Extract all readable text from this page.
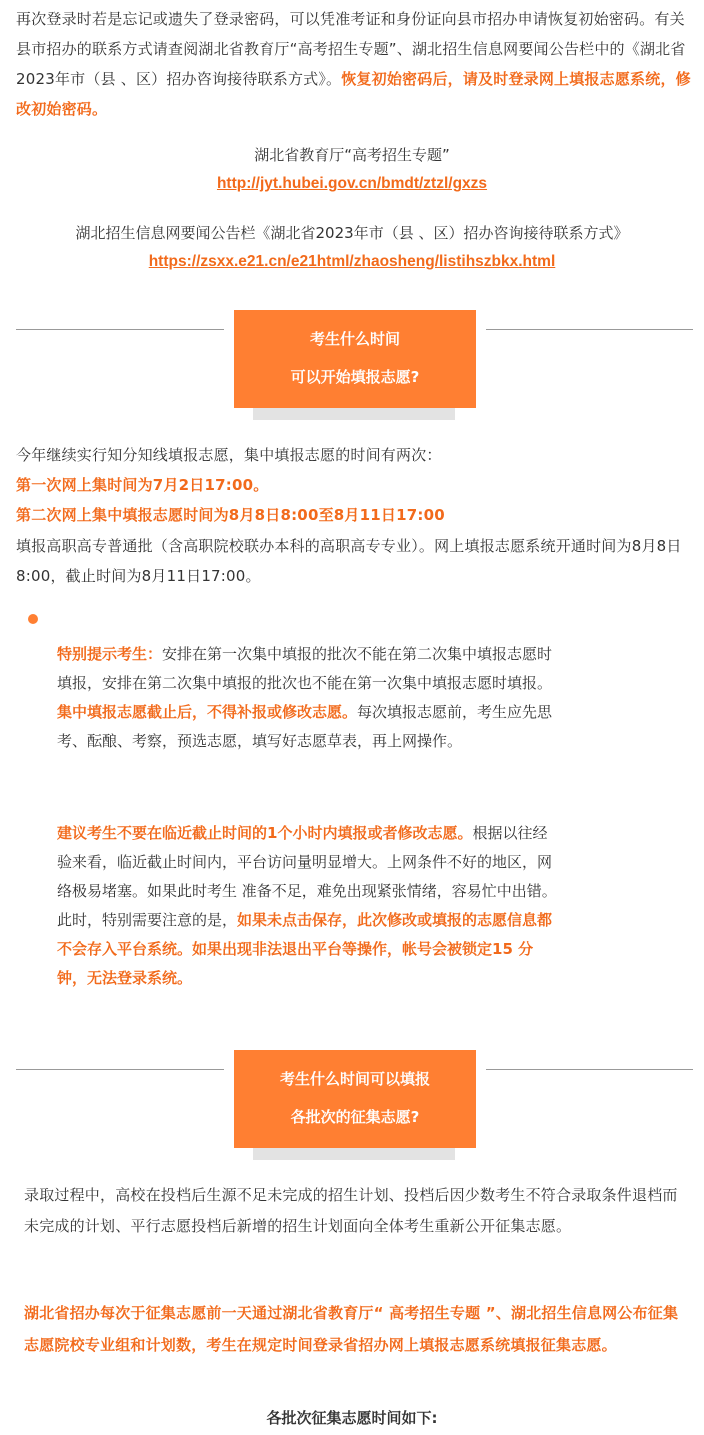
再次登录时若是忘记或遗失了登录密码，可以凭准考证和身份证向县市招办申请恢复初始密码。有关县市招办的联系方式请查阅湖北省教育厅“高考招生专题”、湖北招生信息网要闻公告栏中的《湖北省2023年市（县 、区）招办咨询接待联系方式》。恢复初始密码后，请及时登录网上填报志愿系统，修改初始密码。

湖北省教育厅“高考招生专题”
http://jyt.hubei.gov.cn/bmdt/ztzl/gxzs
湖北招生信息网要闻公告栏《湖北省2023年市（县 、区）招办咨询接待联系方式》
https://zsxx.e21.cn/e21html/zhaosheng/listihszbkx.html
考生什么时间
可以开始填报志愿?

今年继续实行知分知线填报志愿，集中填报志愿的时间有两次：

第一次网上集时间为7月2日17:00。

第二次网上集中填报志愿时间为8月8日8:00至8月11日17:00

填报高职高专普通批（含高职院校联办本科的高职高专专业）。网上填报志愿系统开通时间为8月8日8:00，截止时间为8月11日17:00。

特别提示考生：安排在第一次集中填报的批次不能在第二次集中填报志愿时填报，安排在第二次集中填报的批次也不能在第一次集中填报志愿时填报。集中填报志愿截止后，不得补报或修改志愿。每次填报志愿前，考生应先思考、酝酿、考察，预选志愿，填写好志愿草表，再上网操作。

建议考生不要在临近截止时间的1个小时内填报或者修改志愿。根据以往经验来看，临近截止时间内，平台访问量明显增大。上网条件不好的地区，网络极易堵塞。如果此时考生 准备不足，难免出现紧张情绪，容易忙中出错。此时，特别需要注意的是，如果未点击保存，此次修改或填报的志愿信息都不会存入平台系统。如果出现非法退出平台等操作，帐号会被锁定15 分钟，无法登录系统。

考生什么时间可以填报
各批次的征集志愿?

录取过程中，高校在投档后生源不足未完成的招生计划、投档后因少数考生不符合录取条件退档而未完成的计划、平行志愿投档后新增的招生计划面向全体考生重新公开征集志愿。

湖北省招办每次于征集志愿前一天通过湖北省教育厅“ 高考招生专题 ”、湖北招生信息网公布征集志愿院校专业组和计划数，考生在规定时间登录省招办网上填报志愿系统填报征集志愿。

各批次征集志愿时间如下:
